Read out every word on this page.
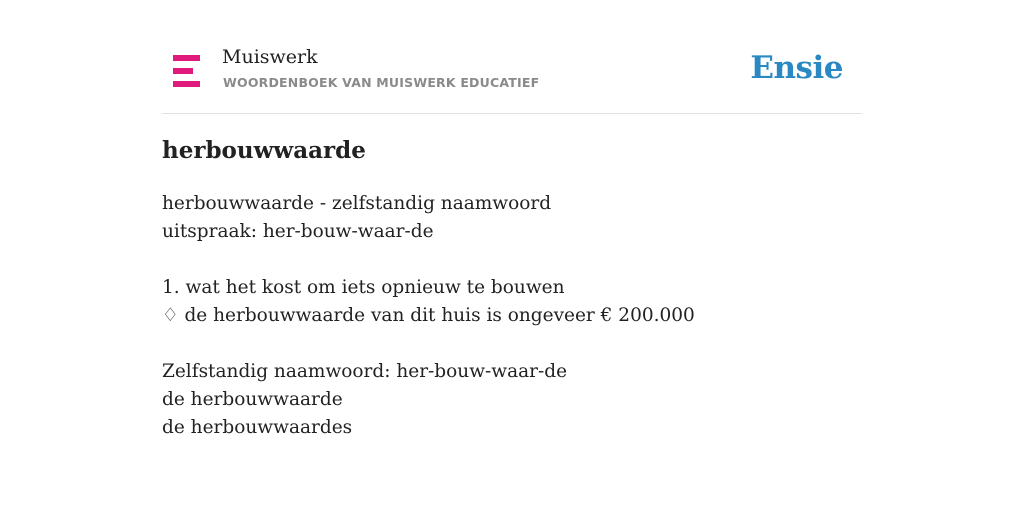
Muiswerk
WOORDENBOEK VAN MUISWERK EDUCATIEF	Ensie
herbouwwaarde
herbouwwaarde - zelfstandig naamwoord
uitspraak: her-bouw-waar-de
1. wat het kost om iets opnieuw te bouwen
♢ de herbouwwaarde van dit huis is ongeveer € 200.000
Zelfstandig naamwoord: her-bouw-waar-de
de herbouwwaarde
de herbouwwaardes
